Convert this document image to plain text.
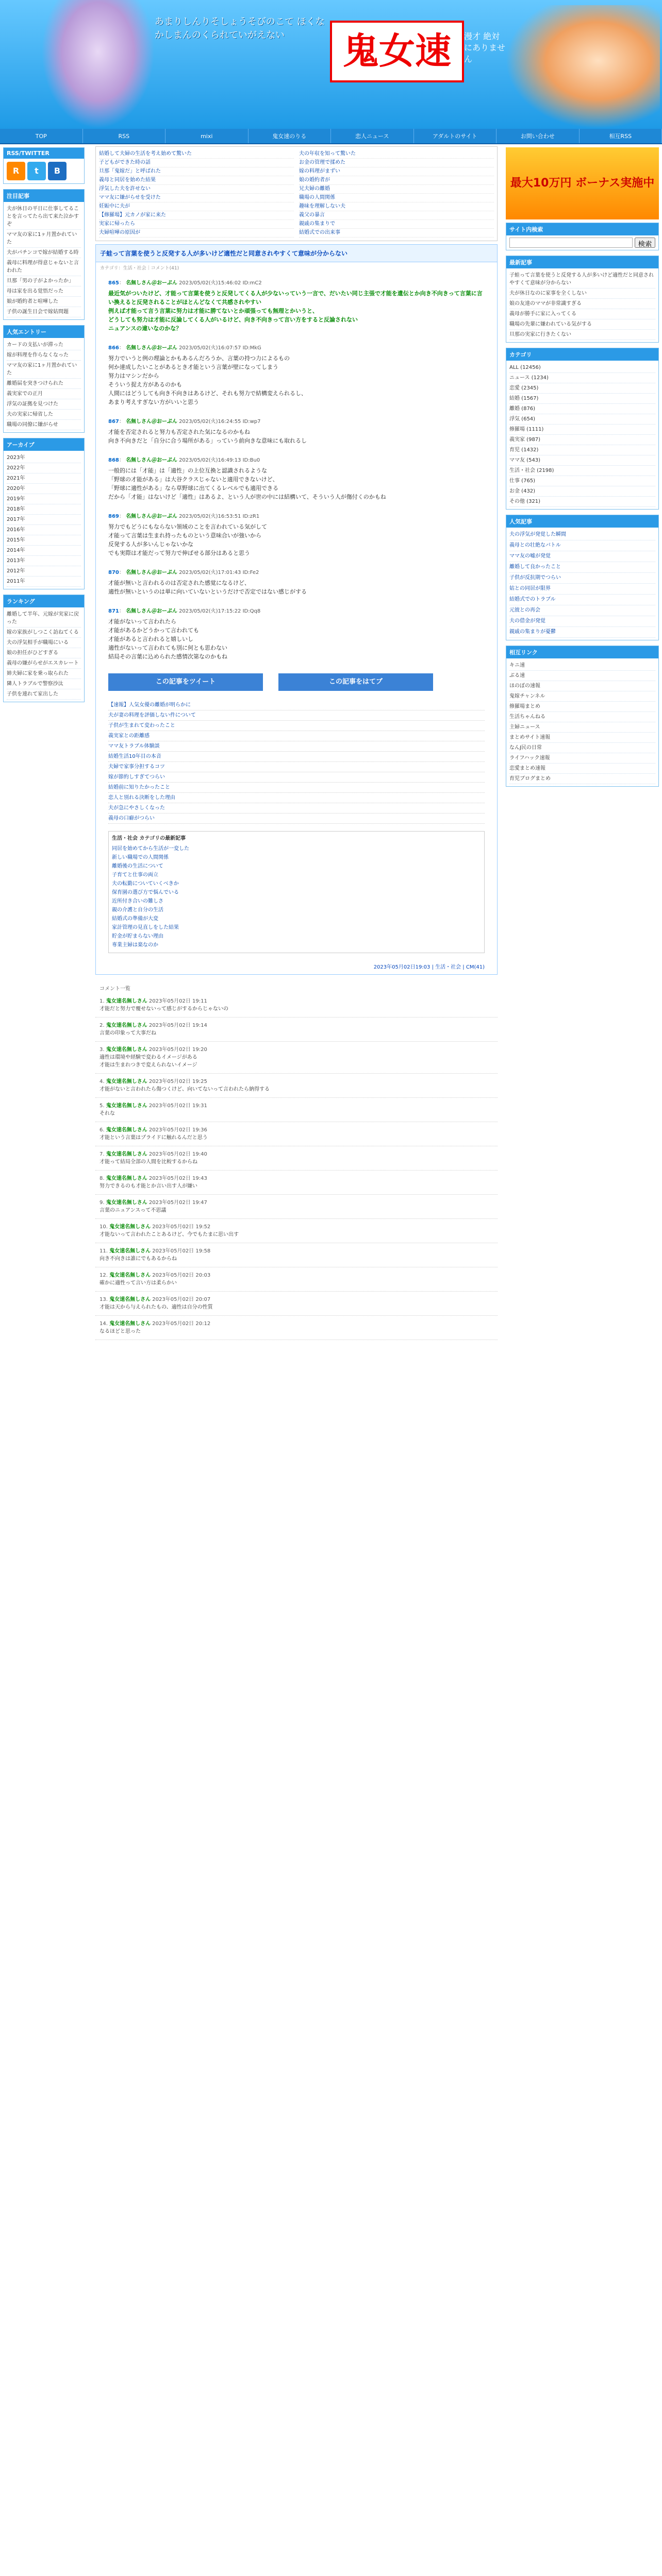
あまりしんりそしょうそびのこて ほくなかしまんのくられていがえない	鬼女速	漫才 絶対にありません
TOP	RSS	mixi	鬼女速のりる	恋人ニュース	アダルトのサイト	お問い合わせ	相互RSS
RSS/TWITTER
R	t	B
注目記事
夫が休日の平日に仕事してることを言ってたら出て来た泣かすぞ
ママ友の家に1ヶ月置かれていた
夫がパチンコで嫁が結婚する時
義母に料理が得意じゃないと言われた
旦那「男の子がよかったか」
母は家を出る覚悟だった
娘が婚約者と喧嘩した
子供の誕生日会で嫁姑問題
人気エントリー
カードの支払いが滞った
嫁が料理を作らなくなった
ママ友の家に1ヶ月置かれていた
離婚届を突きつけられた
義実家での正月
浮気の証拠を見つけた
夫の実家に帰省した
職場の同僚に嫌がらせ
アーカイブ
2023年
2022年
2021年
2020年
2019年
2018年
2017年
2016年
2015年
2014年
2013年
2012年
2011年
ランキング
離婚して半年、元嫁が実家に戻った
嫁の家族がしつこく訪ねてくる
夫の浮気相手が職場にいる
娘の担任がひどすぎる
義母の嫌がらせがエスカレート
姉夫婦に家を乗っ取られた
隣人トラブルで警察沙汰
子供を連れて家出した
結婚して夫婦の生活を考え始めて驚いた
子どもができた時の話
旦那「鬼嫁だ」と呼ばれた
義母と同居を始めた結果
浮気した夫を許せない
ママ友に嫌がらせを受けた
妊娠中に夫が
【修羅場】元カノが家に来た
実家に帰ったら
夫婦喧嘩の原因が
夫の年収を知って驚いた
お金の管理で揉めた
嫁の料理がまずい
娘の婚約者が
兄夫婦の離婚
職場の人間関係
趣味を理解しない夫
義父の暴言
親戚の集まりで
結婚式での出来事
子蛙って言葉を使うと反発する人が多いけど適性だと同意されやすくて意味が分からない
カテゴリ：生活・社会｜コメント(41)
865： 名無しさん＠おーぷん 2023/05/02(火)15:46:02 ID:mC2
最近気がついたけど、才能って言葉を使うと反発してくる人が少ないっていう一言で、だいたい同じ主張で才能を遺伝とか向き不向きって言葉に言い換えると反発されることがほとんどなくて共感されやすい
例えば才能って言う言葉に努力は才能に勝てないとか頑張っても無理とかいうと、
どうしても努力は才能に反論してくる人がいるけど、向き不向きって言い方をすると反論されない
ニュアンスの違いなのかな？
866： 名無しさん＠おーぷん 2023/05/02(火)16:07:57 ID:MkG
努力でいうと例の理論とかもあるんだろうか、言葉の持つ力によるもの
何か達成したいことがあるとき才能という言葉が壁になってしまう
努力はマシンだから
そういう捉え方があるのかも
人間にはどうしても向き不向きはあるけど、それも努力で結構変えられるし、
あまり考えすぎない方がいいと思う
867： 名無しさん＠おーぷん 2023/05/02(火)16:24:55 ID:wp7
才能を否定されると努力も否定された気になるのかもね
向き不向きだと「自分に合う場所がある」っていう前向きな意味にも取れるし
868： 名無しさん＠おーぷん 2023/05/02(火)16:49:13 ID:Bu0
一般的には「才能」は「適性」の上位互換と認識されるような
「野球の才能がある」は大谷クラスじゃないと適用できないけど、
「野球に適性がある」なら草野球に出てくるレベルでも適用できる
だから「才能」はないけど「適性」はあるよ、という人が世の中には結構いて、そういう人が傷付くのかもね
869： 名無しさん＠おーぷん 2023/05/02(火)16:53:51 ID:zR1
努力でもどうにもならない領域のことを言われている気がして
才能って言葉は生まれ持ったものという意味合いが強いから
反発する人が多いんじゃないかな
でも実際は才能だって努力で伸ばせる部分はあると思う
870： 名無しさん＠おーぷん 2023/05/02(火)17:01:43 ID:Fe2
才能が無いと言われるのは否定された感覚になるけど、
適性が無いというのは単に向いていないというだけで否定ではない感じがする
871： 名無しさん＠おーぷん 2023/05/02(火)17:15:22 ID:Qq8
才能がないって言われたら
才能があるかどうかって言われても
才能があると言われると嬉しいし
適性がないって言われても別に何とも思わない
結局その言葉に込められた感情次第なのかもね
この記事をツイート	この記事をはてブ
【速報】人気女優の離婚が明らかに
夫が妻の料理を評価しない件について
子供が生まれて変わったこと
義実家との距離感
ママ友トラブル体験談
結婚生活10年目の本音
夫婦で家事分担するコツ
嫁が節約しすぎてつらい
結婚前に知りたかったこと
恋人と別れる決断をした理由
夫が急にやさしくなった
義母の口癖がつらい
生活・社会 カテゴリの最新記事
同居を始めてから生活が一変した
新しい職場での人間関係
離婚後の生活について
子育てと仕事の両立
夫の転勤についていくべきか
保育園の選び方で悩んでいる
近所付き合いの難しさ
親の介護と自分の生活
結婚式の準備が大変
家計管理の見直しをした結果
貯金が貯まらない理由
専業主婦は楽なのか
2023年05月02日19:03 | 生活・社会 | CM(41)
コメント一覧
1. 鬼女速名無しさん 2023年05月02日 19:11
才能だと努力で覆せないって感じがするからじゃないの
2. 鬼女速名無しさん 2023年05月02日 19:14
言葉の印象って大事だね
3. 鬼女速名無しさん 2023年05月02日 19:20
適性は環境や経験で変わるイメージがある
才能は生まれつきで変えられないイメージ
4. 鬼女速名無しさん 2023年05月02日 19:25
才能がないと言われたら傷つくけど、向いてないって言われたら納得する
5. 鬼女速名無しさん 2023年05月02日 19:31
それな
6. 鬼女速名無しさん 2023年05月02日 19:36
才能という言葉はプライドに触れるんだと思う
7. 鬼女速名無しさん 2023年05月02日 19:40
才能って結局全部の人間を比較するからね
8. 鬼女速名無しさん 2023年05月02日 19:43
努力できるのも才能とか言い出す人が嫌い
9. 鬼女速名無しさん 2023年05月02日 19:47
言葉のニュアンスって不思議
10. 鬼女速名無しさん 2023年05月02日 19:52
才能ないって言われたことあるけど、今でもたまに思い出す
11. 鬼女速名無しさん 2023年05月02日 19:58
向き不向きは誰にでもあるからね
12. 鬼女速名無しさん 2023年05月02日 20:03
確かに適性って言い方は柔らかい
13. 鬼女速名無しさん 2023年05月02日 20:07
才能は天から与えられたもの、適性は自分の性質
14. 鬼女速名無しさん 2023年05月02日 20:12
なるほどと思った
最大10万円 ボーナス実施中
サイト内検索
検索
最新記事
子蛙って言葉を使うと反発する人が多いけど適性だと同意されやすくて意味が分からない
夫が休日なのに家事を全くしない
娘の友達のママが非常識すぎる
義母が勝手に家に入ってくる
職場の先輩に嫌われている気がする
旦那の実家に行きたくない
カテゴリ
ALL (12456)
ニュース (1234)
恋愛 (2345)
結婚 (1567)
離婚 (876)
浮気 (654)
修羅場 (1111)
義実家 (987)
育児 (1432)
ママ友 (543)
生活・社会 (2198)
仕事 (765)
お金 (432)
その他 (321)
人気記事
夫の浮気が発覚した瞬間
義母との壮絶なバトル
ママ友の嘘が発覚
離婚して良かったこと
子供が反抗期でつらい
姑との同居が限界
結婚式でのトラブル
元彼との再会
夫の借金が発覚
親戚の集まりが憂鬱
相互リンク
キニ速
ぶる速
ほのぼの速報
鬼嫁チャンネル
修羅場まとめ
生活ちゃんねる
主婦ニュース
まとめサイト速報
なんJ民の日常
ライフハック速報
恋愛まとめ速報
育児ブログまとめ
